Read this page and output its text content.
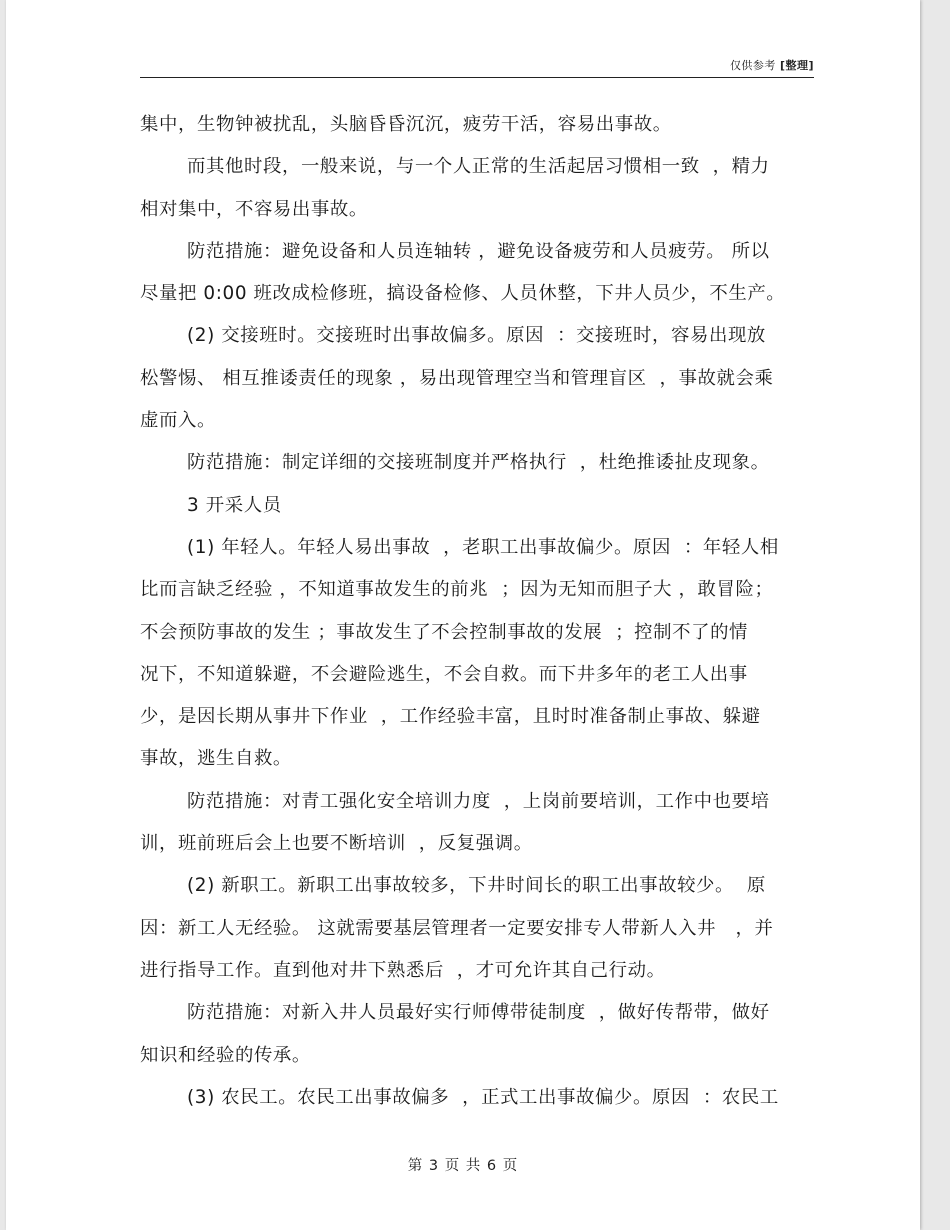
仅供参考 [整理]
集中，生物钟被扰乱，头脑昏昏沉沉，疲劳干活，容易出事故。
而其他时段，一般来说，与一个人正常的生活起居习惯相一致  ，精力
相对集中，不容易出事故。
防范措施：避免设备和人员连轴转 ，避免设备疲劳和人员疲劳。 所以
尽量把 0:00 班改成检修班，搞设备检修、人员休整，下井人员少，不生产。
(2) 交接班时。交接班时出事故偏多。原因  ：交接班时，容易出现放
松警惕、 相互推诿责任的现象 ，易出现管理空当和管理盲区  ，事故就会乘
虚而入。
防范措施：制定详细的交接班制度并严格执行  ，杜绝推诿扯皮现象。
3 开采人员
(1) 年轻人。年轻人易出事故  ，老职工出事故偏少。原因  ：年轻人相
比而言缺乏经验 ，不知道事故发生的前兆  ；因为无知而胆子大 ，敢冒险；
不会预防事故的发生 ；事故发生了不会控制事故的发展  ；控制不了的情
况下，不知道躲避，不会避险逃生，不会自救。而下井多年的老工人出事
少，是因长期从事井下作业  ，工作经验丰富，且时时准备制止事故、躲避
事故，逃生自救。
防范措施：对青工强化安全培训力度  ，上岗前要培训，工作中也要培
训，班前班后会上也要不断培训  ，反复强调。
(2) 新职工。新职工出事故较多，下井时间长的职工出事故较少。  原
因：新工人无经验。 这就需要基层管理者一定要安排专人带新人入井   ，并
进行指导工作。直到他对井下熟悉后  ，才可允许其自己行动。
防范措施：对新入井人员最好实行师傅带徒制度  ，做好传帮带，做好
知识和经验的传承。
(3) 农民工。农民工出事故偏多  ，正式工出事故偏少。原因  ：农民工
第 3 页 共 6 页
